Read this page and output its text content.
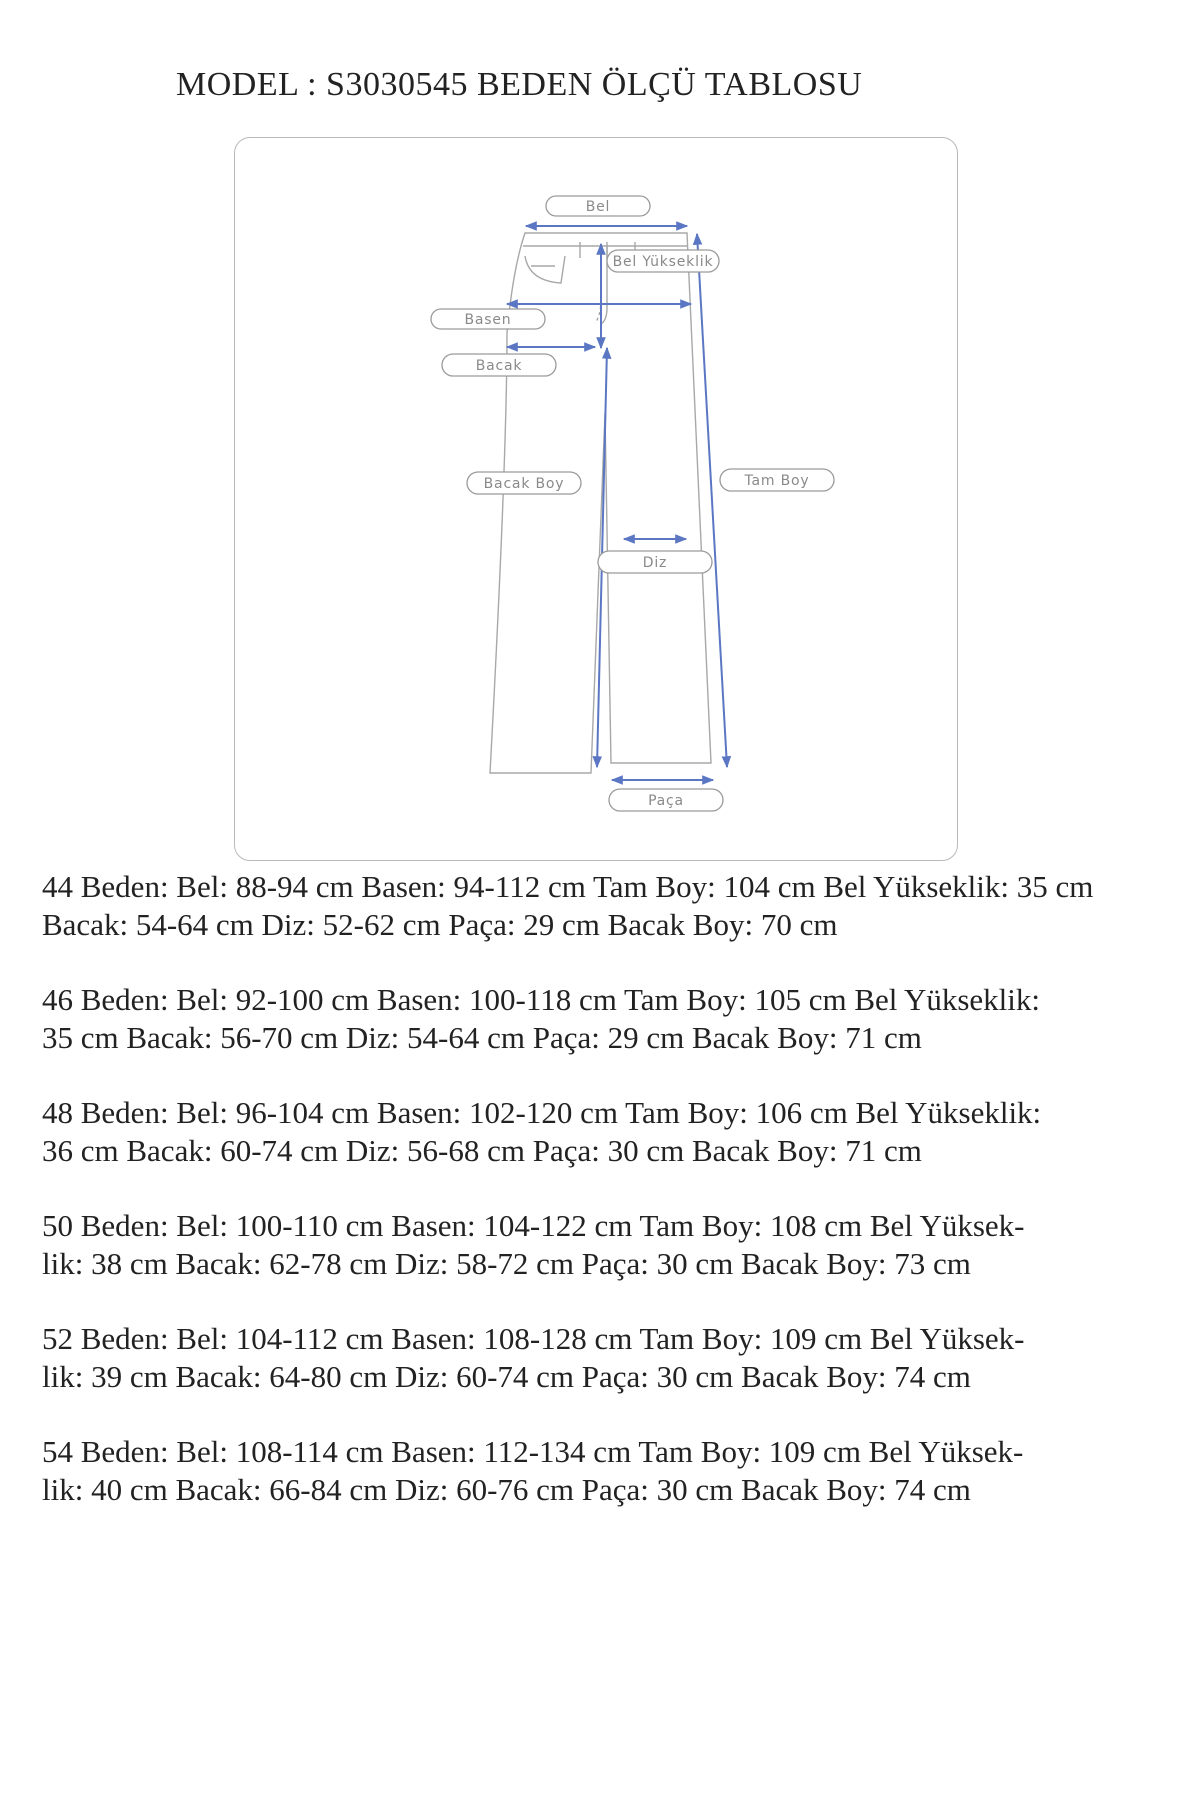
MODEL : S3030545 BEDEN ÖLÇÜ TABLOSU
Bel
Bel Yükseklik
Basen
Bacak
Bacak Boy	Tam Boy
Diz
Paça
44 Beden: Bel: 88-94 cm Basen: 94-112 cm Tam Boy: 104 cm Bel Yükseklik: 35 cm
Bacak: 54-64 cm Diz: 52-62 cm Paça: 29 cm Bacak Boy: 70 cm
46 Beden: Bel: 92-100 cm Basen: 100-118 cm Tam Boy: 105 cm Bel Yükseklik:
35 cm Bacak: 56-70 cm Diz: 54-64 cm Paça: 29 cm Bacak Boy: 71 cm
48 Beden: Bel: 96-104 cm Basen: 102-120 cm Tam Boy: 106 cm Bel Yükseklik:
36 cm Bacak: 60-74 cm Diz: 56-68 cm Paça: 30 cm Bacak Boy: 71 cm
50 Beden: Bel: 100-110 cm Basen: 104-122 cm Tam Boy: 108 cm Bel Yüksek-
lik: 38 cm Bacak: 62-78 cm Diz: 58-72 cm Paça: 30 cm Bacak Boy: 73 cm
52 Beden: Bel: 104-112 cm Basen: 108-128 cm Tam Boy: 109 cm Bel Yüksek-
lik: 39 cm Bacak: 64-80 cm Diz: 60-74 cm Paça: 30 cm Bacak Boy: 74 cm
54 Beden: Bel: 108-114 cm Basen: 112-134 cm Tam Boy: 109 cm Bel Yüksek-
lik: 40 cm Bacak: 66-84 cm Diz: 60-76 cm Paça: 30 cm Bacak Boy: 74 cm
